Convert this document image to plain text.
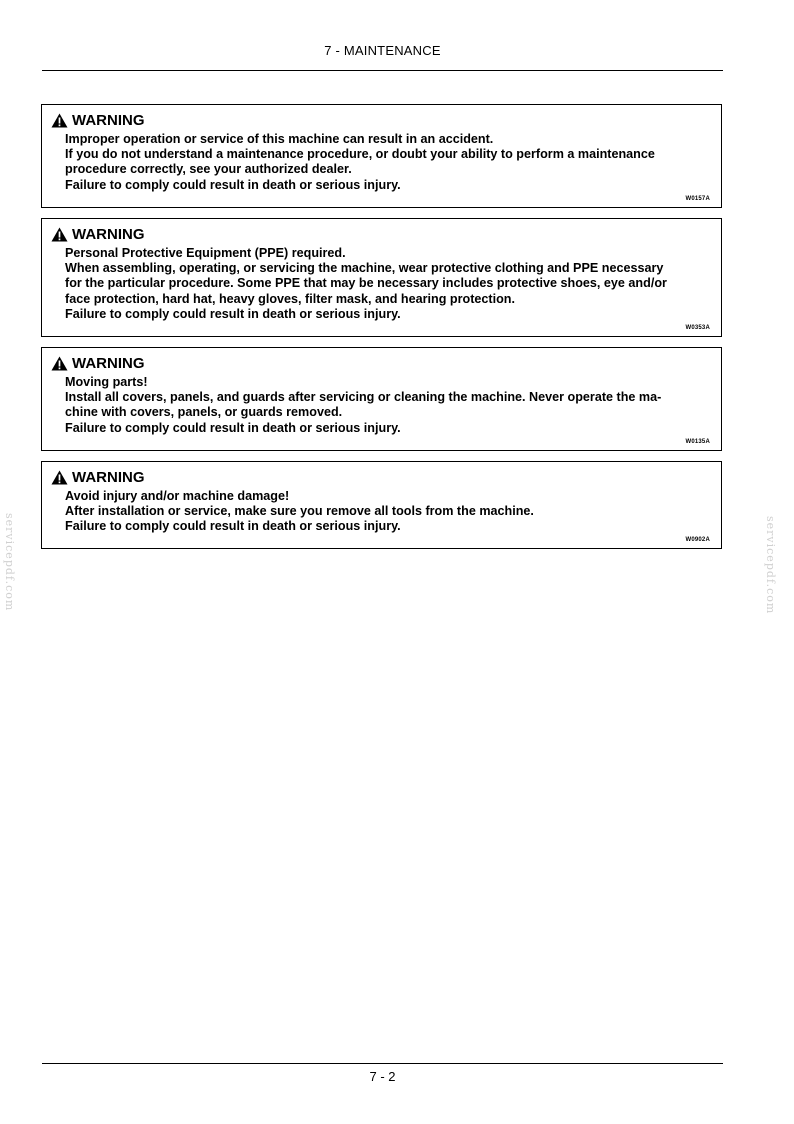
7 - MAINTENANCE
WARNING
Improper operation or service of this machine can result in an accident.
If you do not understand a maintenance procedure, or doubt your ability to perform a maintenance
procedure correctly, see your authorized dealer.
Failure to comply could result in death or serious injury.
W0157A
WARNING
Personal Protective Equipment (PPE) required.
When assembling, operating, or servicing the machine, wear protective clothing and PPE necessary
for the particular procedure. Some PPE that may be necessary includes protective shoes, eye and/or
face protection, hard hat, heavy gloves, filter mask, and hearing protection.
Failure to comply could result in death or serious injury.
W0353A
WARNING
Moving parts!
Install all covers, panels, and guards after servicing or cleaning the machine. Never operate the ma-
chine with covers, panels, or guards removed.
Failure to comply could result in death or serious injury.
W0135A
WARNING
Avoid injury and/or machine damage!
After installation or service, make sure you remove all tools from the machine.
Failure to comply could result in death or serious injury.
W0902A
servicepdf.com	servicepdf.com
7 - 2
